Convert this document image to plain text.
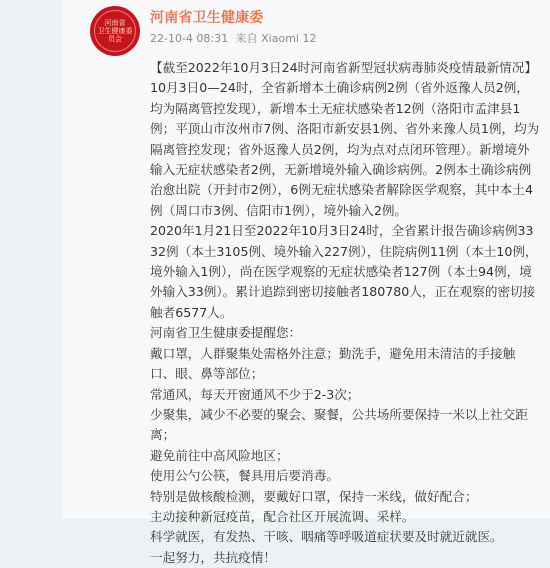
河南省
卫生健康委员会
河南省卫生健康委
22-10-4 08:31 来自 Xiaomi 12
【截至2022年10月3日24时河南省新型冠状病毒肺炎疫情最新情况】
10月3日0—24时，全省新增本土确诊病例2例（省外返豫人员2例，均为隔离管控发现），新增本土无症状感染者12例（洛阳市孟津县1例；平顶山市汝州市7例、洛阳市新安县1例、省外来豫人员1例，均为隔离管控发现；省外返豫人员2例，均为点对点闭环管理）。新增境外输入无症状感染者2例，无新增境外输入确诊病例。2例本土确诊病例治愈出院（开封市2例），6例无症状感染者解除医学观察，其中本土4例（周口市3例、信阳市1例），境外输入2例。
2020年1月21日至2022年10月3日24时，全省累计报告确诊病例3332例（本土3105例、境外输入227例），住院病例11例（本土10例，境外输入1例），尚在医学观察的无症状感染者127例（本土94例，境外输入33例）。累计追踪到密切接触者180780人，正在观察的密切接触者6577人。
河南省卫生健康委提醒您：
戴口罩，人群聚集处需格外注意；勤洗手，避免用未清洁的手接触口、眼、鼻等部位；
常通风，每天开窗通风不少于2-3次；
少聚集，减少不必要的聚会、聚餐，公共场所要保持一米以上社交距离；
避免前往中高风险地区；
使用公勺公筷，餐具用后要消毒。
特别是做核酸检测，要戴好口罩，保持一米线，做好配合；
主动接种新冠疫苗，配合社区开展流调、采样。
科学就医，有发热、干咳、咽痛等呼吸道症状要及时就近就医。
一起努力，共抗疫情！
